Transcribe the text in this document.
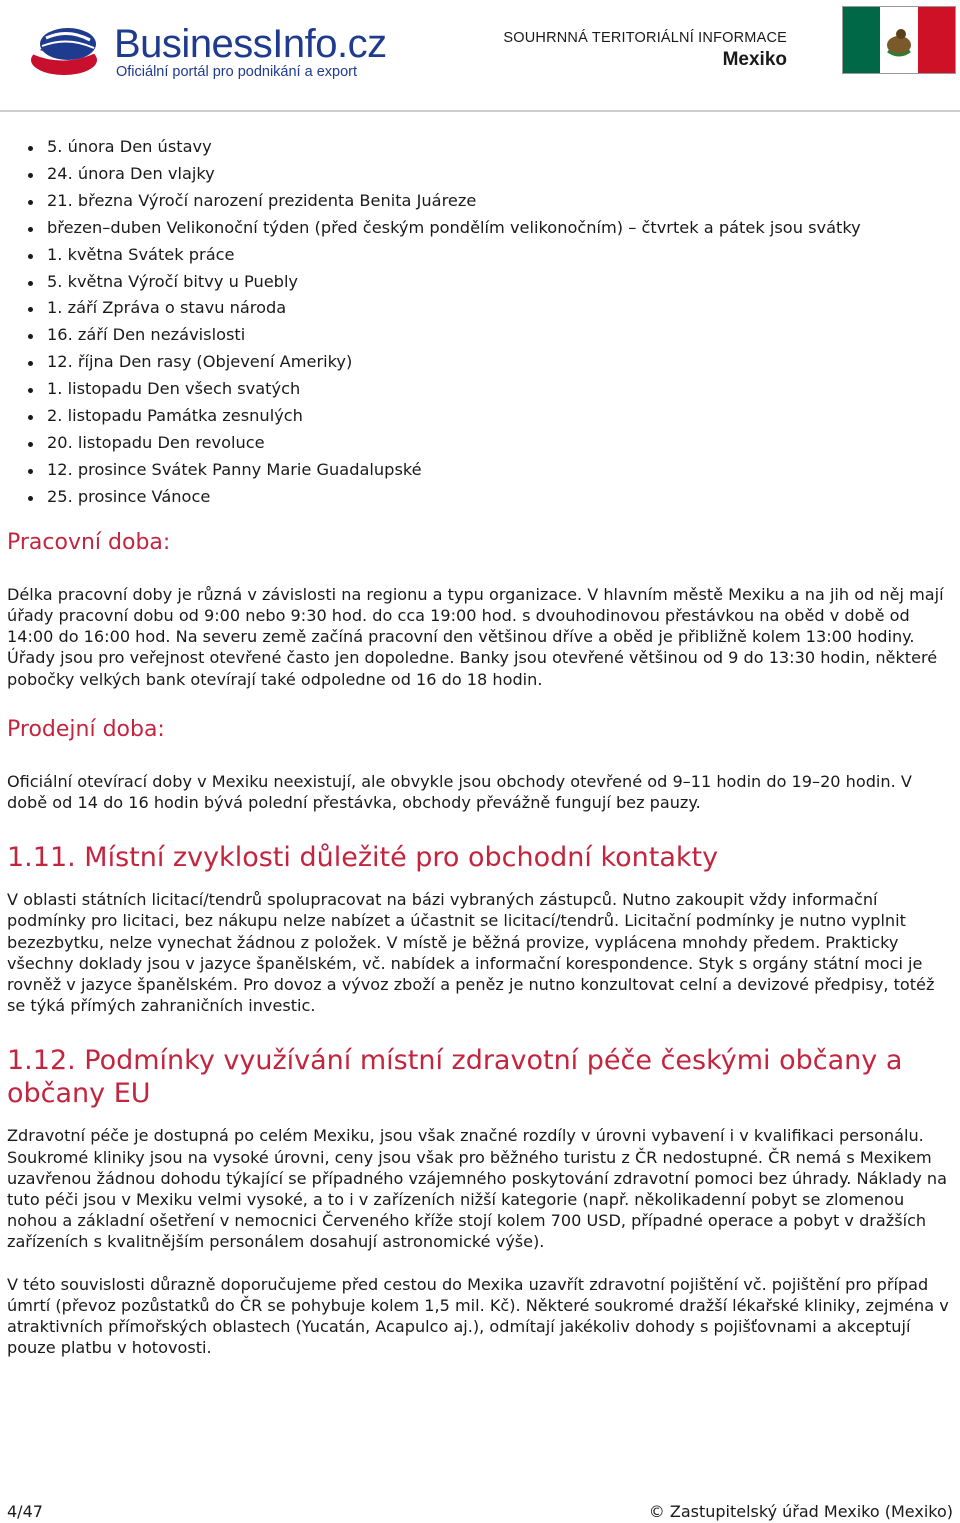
BusinessInfo.cz
Oficiální portál pro podnikání a export
SOUHRNNÁ TERITORIÁLNÍ INFORMACE
Mexiko
5. února Den ústavy
24. února Den vlajky
21. března Výročí narození prezidenta Benita Juáreze
březen–duben Velikonoční týden (před českým pondělím velikonočním) – čtvrtek a pátek jsou svátky
1. května Svátek práce
5. května Výročí bitvy u Puebly
1. září Zpráva o stavu národa
16. září Den nezávislosti
12. října Den rasy (Objevení Ameriky)
1. listopadu Den všech svatých
2. listopadu Památka zesnulých
20. listopadu Den revoluce
12. prosince Svátek Panny Marie Guadalupské
25. prosince Vánoce
Pracovní doba:

Délka pracovní doby je různá v závislosti na regionu a typu organizace. V hlavním městě Mexiku a na jih od něj mají úřady pracovní dobu od 9:00 nebo 9:30 hod. do cca 19:00 hod. s dvouhodinovou přestávkou na oběd v době od 14:00 do 16:00 hod. Na severu země začíná pracovní den většinou dříve a oběd je přibližně kolem 13:00 hodiny. Úřady jsou pro veřejnost otevřené často jen dopoledne. Banky jsou otevřené většinou od 9 do 13:30 hodin, některé pobočky velkých bank otevírají také odpoledne od 16 do 18 hodin.

Prodejní doba:

Oficiální otevírací doby v Mexiku neexistují, ale obvykle jsou obchody otevřené od 9–11 hodin do 19–20 hodin. V době od 14 do 16 hodin bývá polední přestávka, obchody převážně fungují bez pauzy.

1.11. Místní zvyklosti důležité pro obchodní kontakty

V oblasti státních licitací/tendrů spolupracovat na bázi vybraných zástupců. Nutno zakoupit vždy informační podmínky pro licitaci, bez nákupu nelze nabízet a účastnit se licitací/tendrů. Licitační podmínky je nutno vyplnit bezezbytku, nelze vynechat žádnou z položek. V místě je běžná provize, vyplácena mnohdy předem. Prakticky všechny doklady jsou v jazyce španělském, vč. nabídek a informační korespondence. Styk s orgány státní moci je rovněž v jazyce španělském. Pro dovoz a vývoz zboží a peněz je nutno konzultovat celní a devizové předpisy, totéž se týká přímých zahraničních investic.

1.12. Podmínky využívání místní zdravotní péče českými občany a občany EU

Zdravotní péče je dostupná po celém Mexiku, jsou však značné rozdíly v úrovni vybavení i v kvalifikaci personálu. Soukromé kliniky jsou na vysoké úrovni, ceny jsou však pro běžného turistu z ČR nedostupné. ČR nemá s Mexikem uzavřenou žádnou dohodu týkající se případného vzájemného poskytování zdravotní pomoci bez úhrady. Náklady na tuto péči jsou v Mexiku velmi vysoké, a to i v zařízeních nižší kategorie (např. několikadenní pobyt se zlomenou nohou a základní ošetření v nemocnici Červeného kříže stojí kolem 700 USD, případné operace a pobyt v dražších zařízeních s kvalitnějším personálem dosahují astronomické výše).

V této souvislosti důrazně doporučujeme před cestou do Mexika uzavřít zdravotní pojištění vč. pojištění pro případ úmrtí (převoz pozůstatků do ČR se pohybuje kolem 1,5 mil. Kč). Některé soukromé dražší lékařské kliniky, zejména v atraktivních přímořských oblastech (Yucatán, Acapulco aj.), odmítají jakékoliv dohody s pojišťovnami a akceptují pouze platbu v hotovosti.

4/47	© Zastupitelský úřad Mexiko (Mexiko)
